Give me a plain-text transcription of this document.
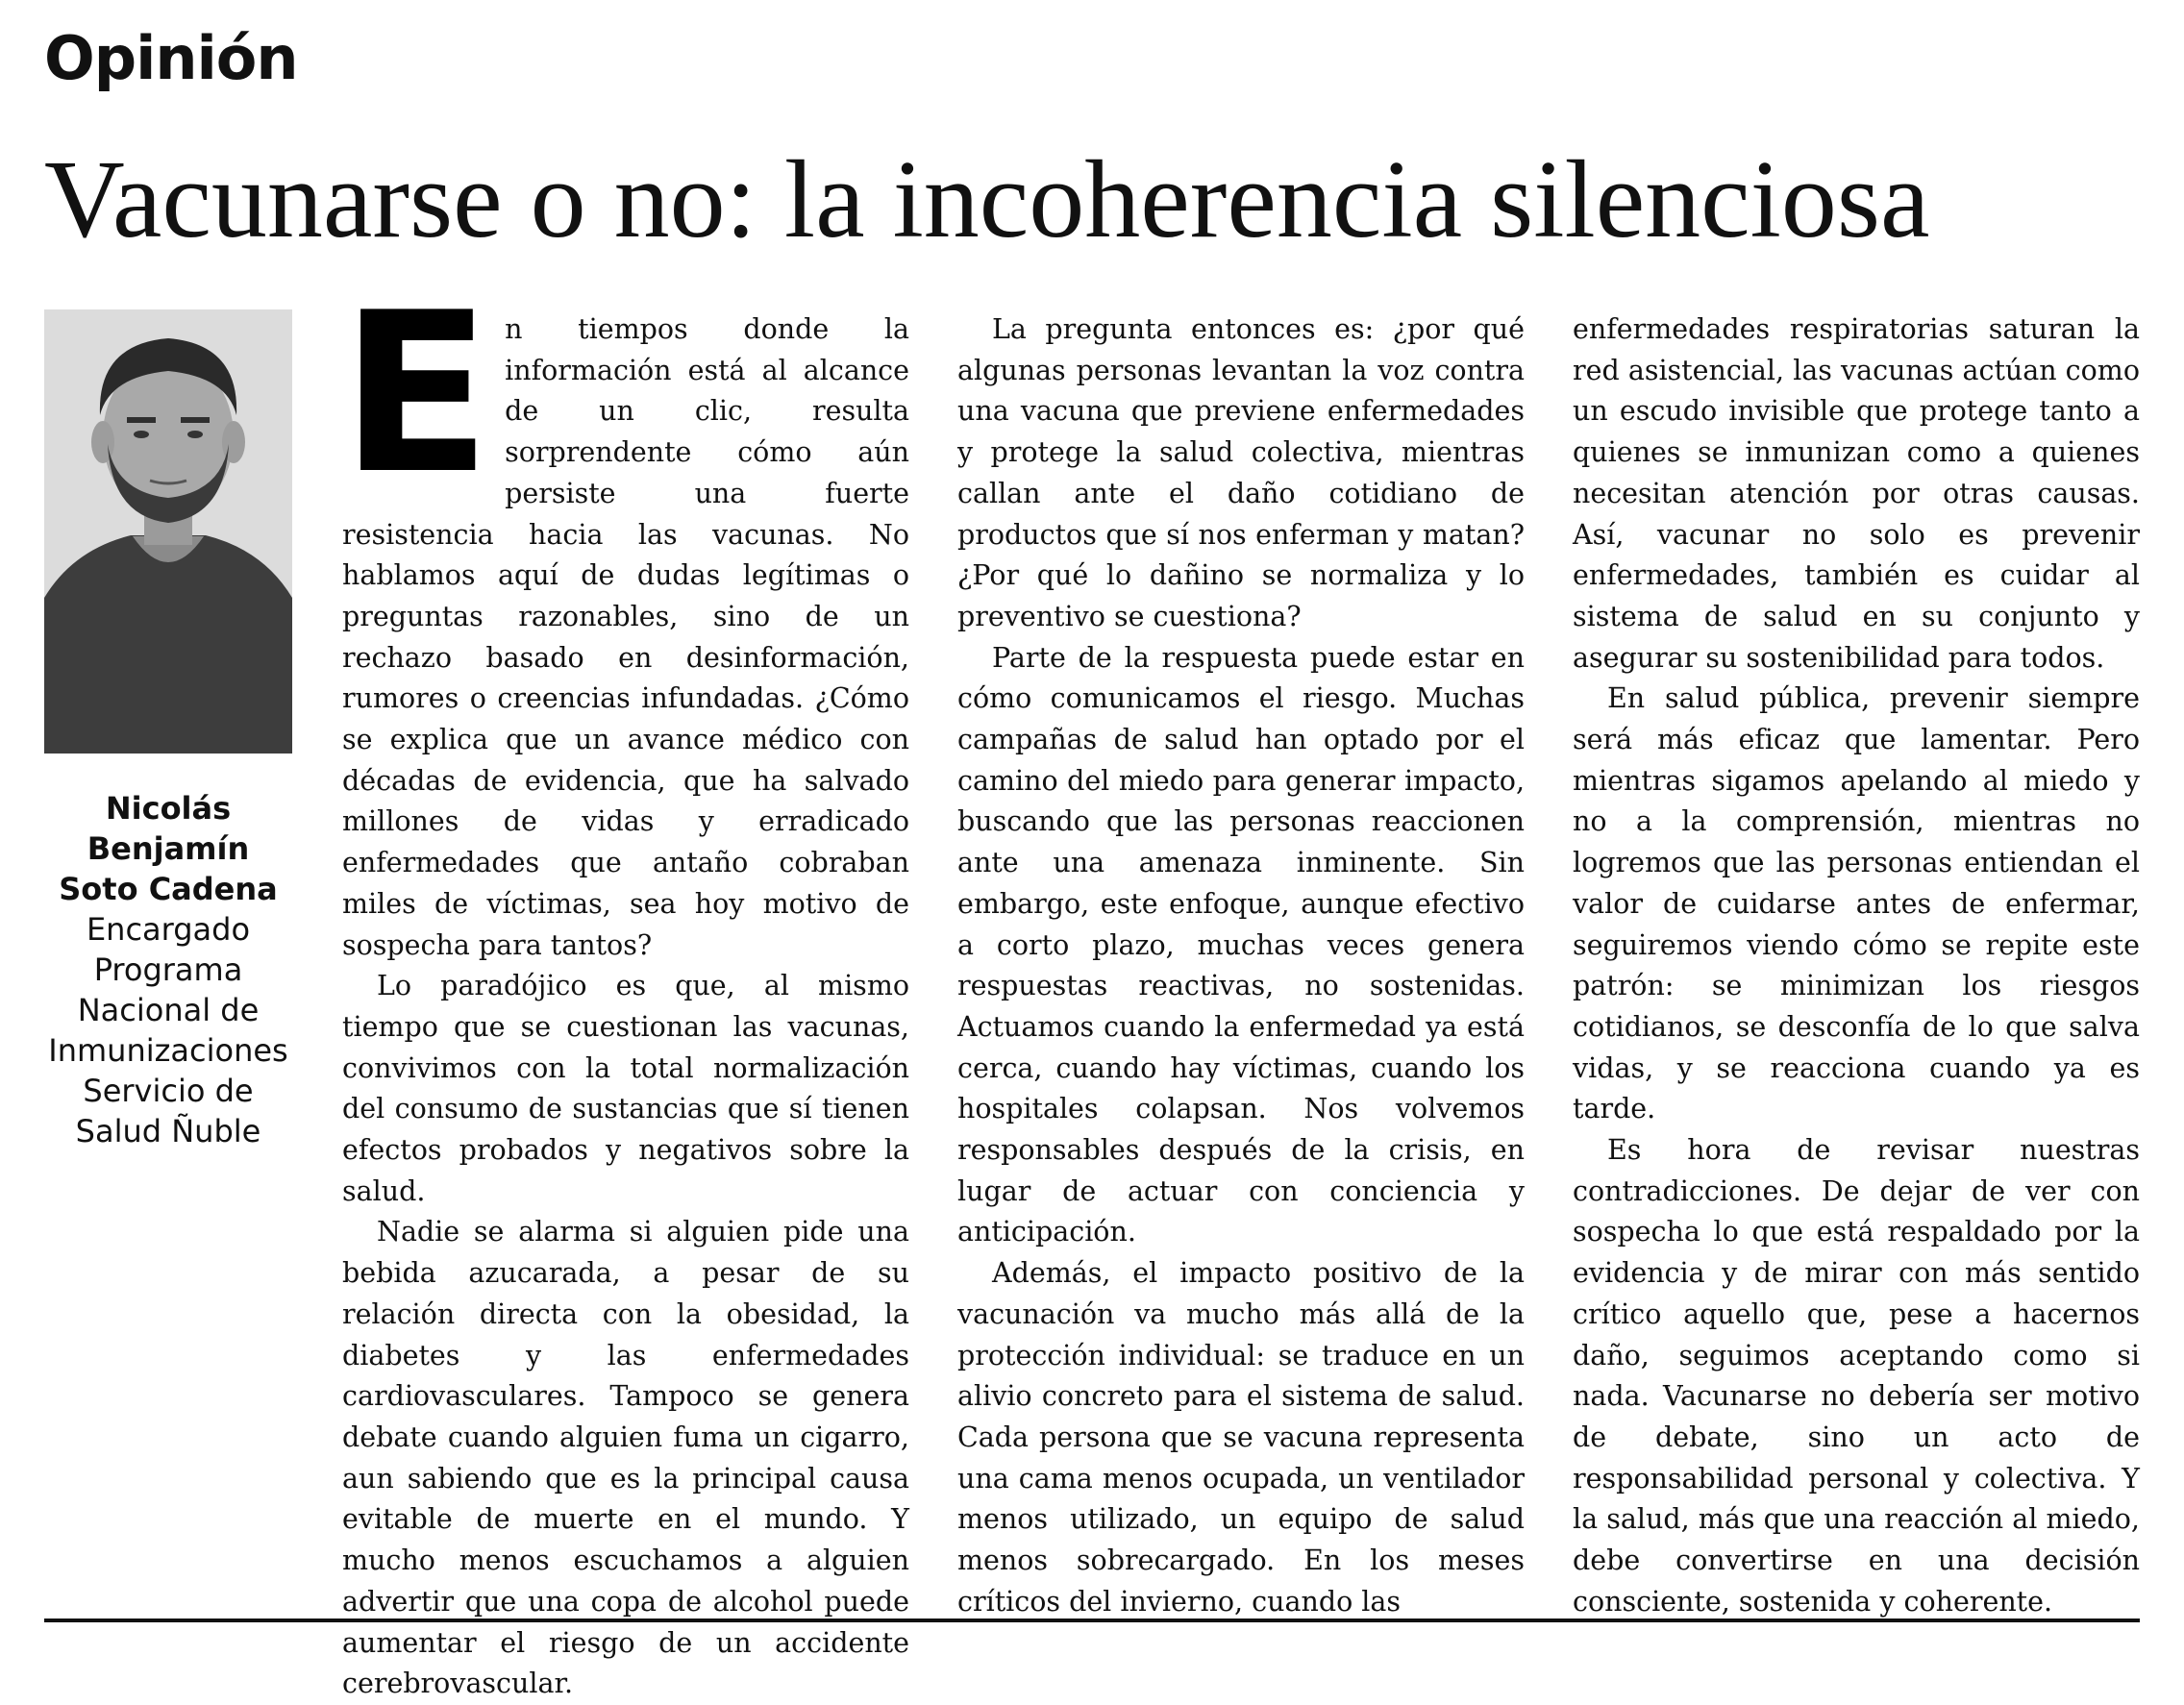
Opinión
Vacunarse o no: la incoherencia silenciosa
Nicolás
Benjamín
Soto Cadena
Encargado
Programa
Nacional de
Inmunizaciones
Servicio de
Salud Ñuble

En tiempos donde la información está al alcance de un clic, resulta sorprendente cómo aún persiste una fuerte resistencia hacia las vacunas. No hablamos aquí de dudas legítimas o preguntas razonables, sino de un rechazo basado en desinformación, rumores o creencias infundadas. ¿Cómo se explica que un avance médico con décadas de evidencia, que ha salvado millones de vidas y erradicado enfermedades que antaño cobraban miles de víctimas, sea hoy motivo de sospecha para tantos?

Lo paradójico es que, al mismo tiempo que se cuestionan las vacunas, convivimos con la total normalización del consumo de sustancias que sí tienen efectos probados y negativos sobre la salud.

Nadie se alarma si alguien pide una bebida azucarada, a pesar de su relación directa con la obesidad, la diabetes y las enfermedades cardiovasculares. Tampoco se genera debate cuando alguien fuma un cigarro, aun sabiendo que es la principal causa evitable de muerte en el mundo. Y mucho menos escuchamos a alguien advertir que una copa de alcohol puede aumentar el riesgo de un accidente cerebrovascular.

La pregunta entonces es: ¿por qué algunas personas levantan la voz contra una vacuna que previene enfermedades y protege la salud colectiva, mientras callan ante el daño cotidiano de productos que sí nos enferman y matan? ¿Por qué lo dañino se normaliza y lo preventivo se cuestiona?

Parte de la respuesta puede estar en cómo comunicamos el riesgo. Muchas campañas de salud han optado por el camino del miedo para generar impacto, buscando que las personas reaccionen ante una amenaza inminente. Sin embargo, este enfoque, aunque efectivo a corto plazo, muchas veces genera respuestas reactivas, no sostenidas. Actuamos cuando la enfermedad ya está cerca, cuando hay víctimas, cuando los hospitales colapsan. Nos volvemos responsables después de la crisis, en lugar de actuar con conciencia y anticipación.

Además, el impacto positivo de la vacunación va mucho más allá de la protección individual: se traduce en un alivio concreto para el sistema de salud. Cada persona que se vacuna representa una cama menos ocupada, un ventilador menos utilizado, un equipo de salud menos sobrecargado. En los meses críticos del invierno, cuando las

enfermedades respiratorias saturan la red asistencial, las vacunas actúan como un escudo invisible que protege tanto a quienes se inmunizan como a quienes necesitan atención por otras causas. Así, vacunar no solo es prevenir enfermedades, también es cuidar al sistema de salud en su conjunto y asegurar su sostenibilidad para todos.

En salud pública, prevenir siempre será más eficaz que lamentar. Pero mientras sigamos apelando al miedo y no a la comprensión, mientras no logremos que las personas entiendan el valor de cuidarse antes de enfermar, seguiremos viendo cómo se repite este patrón: se minimizan los riesgos cotidianos, se desconfía de lo que salva vidas, y se reacciona cuando ya es tarde.

Es hora de revisar nuestras contradicciones. De dejar de ver con sospecha lo que está respaldado por la evidencia y de mirar con más sentido crítico aquello que, pese a hacernos daño, seguimos aceptando como si nada. Vacunarse no debería ser motivo de debate, sino un acto de responsabilidad personal y colectiva. Y la salud, más que una reacción al miedo, debe convertirse en una decisión consciente, sostenida y coherente.
